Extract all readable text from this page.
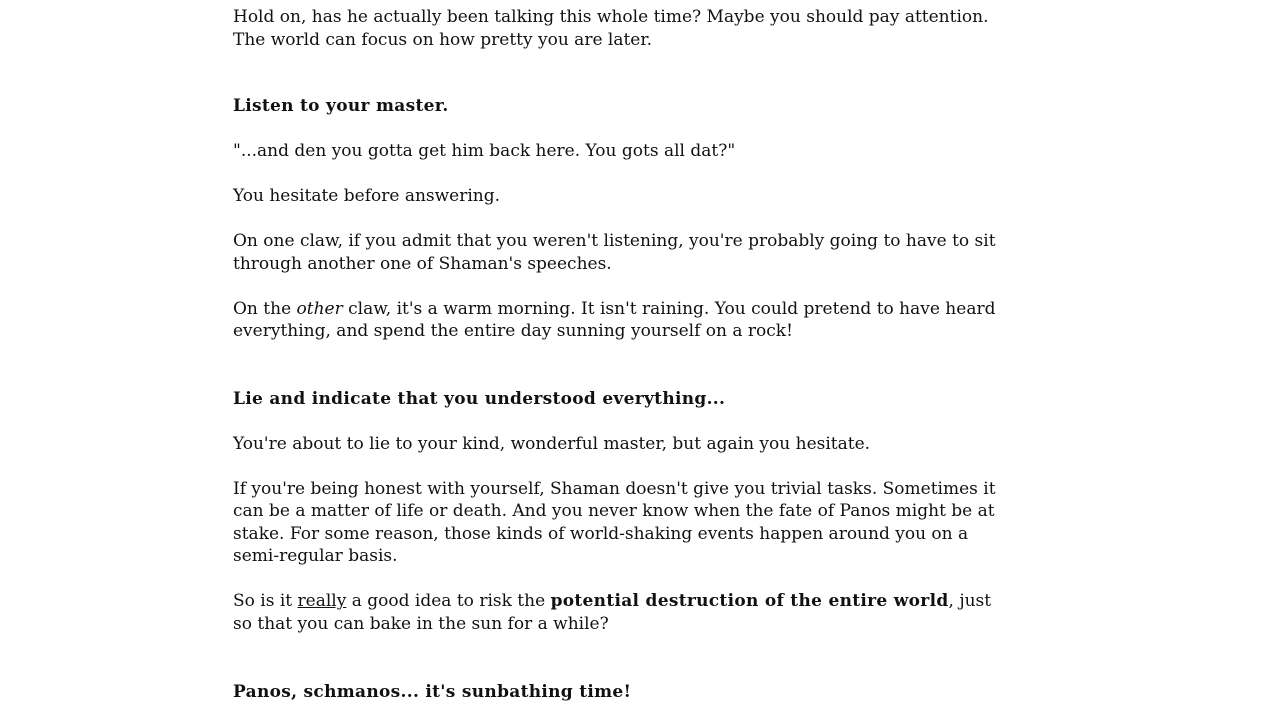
Hold on, has he actually been talking this whole time? Maybe you should pay attention. The world can focus on how pretty you are later.

Listen to your master.

"...and den you gotta get him back here. You gots all dat?"

You hesitate before answering.

On one claw, if you admit that you weren't listening, you're probably going to have to sit through another one of Shaman's speeches.

On the other claw, it's a warm morning. It isn't raining. You could pretend to have heard everything, and spend the entire day sunning yourself on a rock!

Lie and indicate that you understood everything...

You're about to lie to your kind, wonderful master, but again you hesitate.

If you're being honest with yourself, Shaman doesn't give you trivial tasks. Sometimes it can be a matter of life or death. And you never know when the fate of Panos might be at stake. For some reason, those kinds of world-shaking events happen around you on a semi-regular basis.

So is it really a good idea to risk the potential destruction of the entire world, just so that you can bake in the sun for a while?

Panos, schmanos... it's sunbathing time!
